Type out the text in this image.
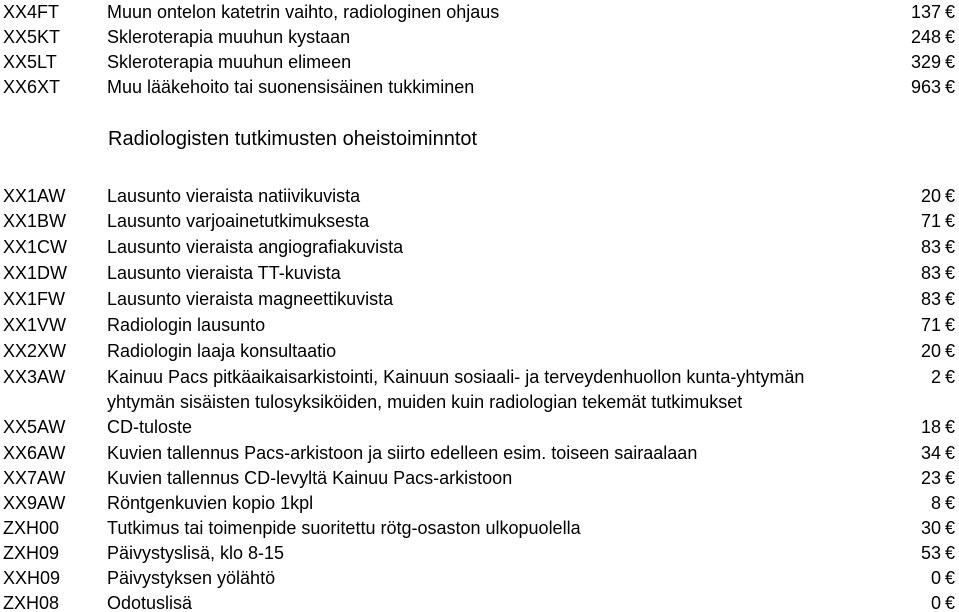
XX4FT	Muun ontelon katetrin vaihto, radiologinen ohjaus	137 €
XX5KT	Skleroterapia muuhun kystaan	248 €
XX5LT	Skleroterapia muuhun elimeen	329 €
XX6XT	Muu lääkehoito tai suonensisäinen tukkiminen	963 €
Radiologisten tutkimusten oheistoiminntot
XX1AW Lausunto vieraista natiivikuvista	20 €
XX1BW Lausunto varjoainetutkimuksesta	71 €
XX1CW Lausunto vieraista angiografiakuvista	83 €
XX1DW Lausunto vieraista TT-kuvista	83 €
XX1FW Lausunto vieraista magneettikuvista	83 €
XX1VW Radiologin lausunto	71 €
XX2XW Radiologin laaja konsultaatio	20 €
XX3AW Kainuu Pacs pitkäaikaisarkistointi, Kainuun sosiaali- ja terveydenhuollon kunta-yhtymän	2 €
yhtymän sisäisten tulosyksiköiden, muiden kuin radiologian tekemät tutkimukset
XX5AW CD-tuloste	18 €
XX6AW Kuvien tallennus Pacs-arkistoon ja siirto edelleen esim. toiseen sairaalaan	34 €
XX7AW Kuvien tallennus CD-levyltä Kainuu Pacs-arkistoon	23 €
XX9AW Röntgenkuvien kopio 1kpl	8 €
ZXH00	Tutkimus tai toimenpide suoritettu rötg-osaston ulkopuolella	30 €
ZXH09	Päivystyslisä, klo 8-15	53 €
XXH09	Päivystyksen yölähtö	0 €
ZXH08	Odotuslisä	0 €
